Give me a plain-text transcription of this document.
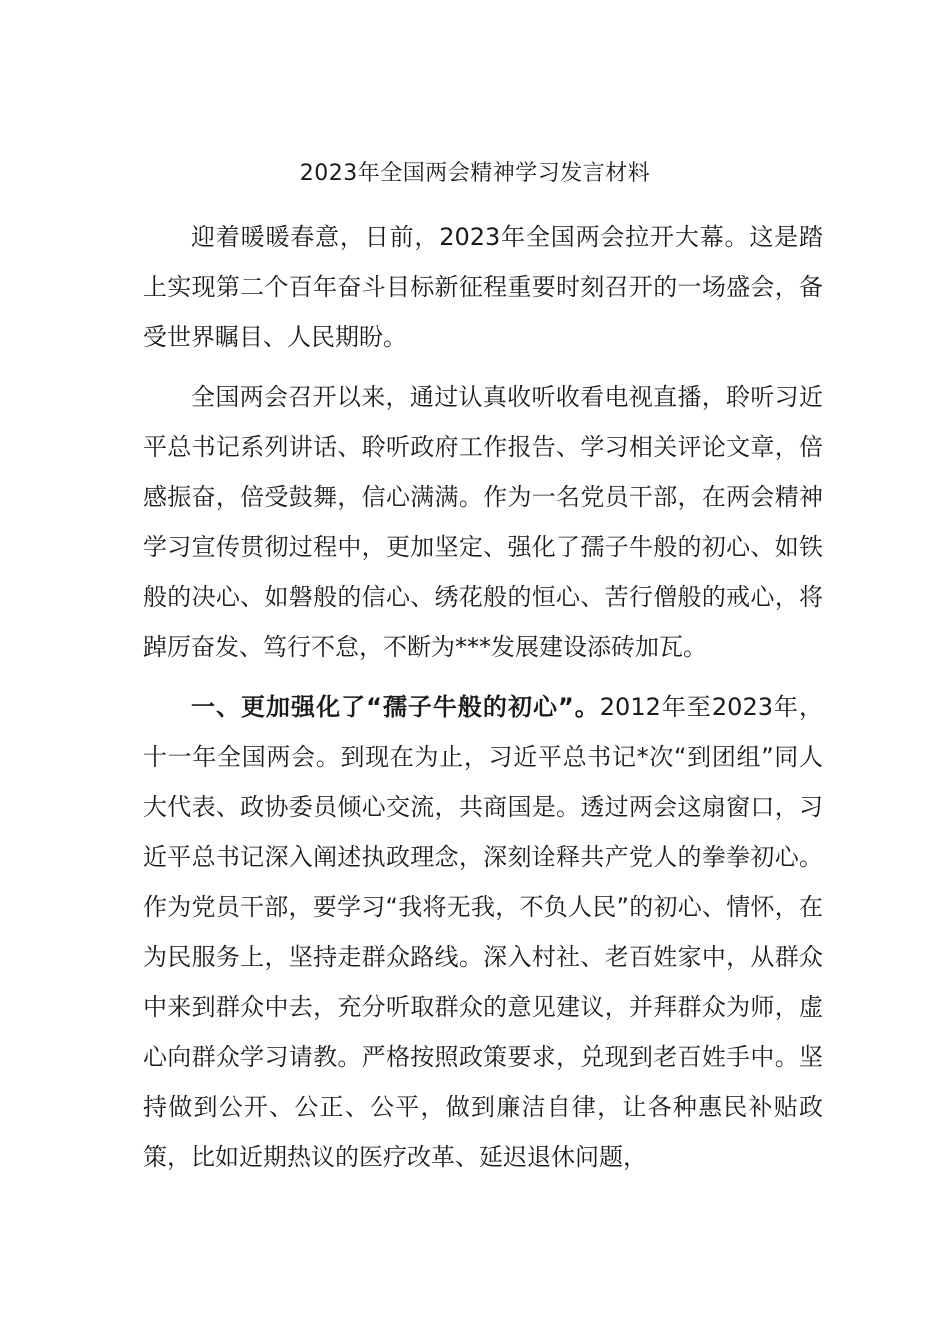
2023年全国两会精神学习发言材料

迎着暖暖春意，日前，2023年全国两会拉开大幕。这是踏上实现第二个百年奋斗目标新征程重要时刻召开的一场盛会，备受世界瞩目、人民期盼。

全国两会召开以来，通过认真收听收看电视直播，聆听习近平总书记系列讲话、聆听政府工作报告、学习相关评论文章，倍感振奋，倍受鼓舞，信心满满。作为一名党员干部，在两会精神学习宣传贯彻过程中，更加坚定、强化了孺子牛般的初心、如铁般的决心、如磐般的信心、绣花般的恒心、苦行僧般的戒心，将踔厉奋发、笃行不怠，不断为***发展建设添砖加瓦。

一、更加强化了“孺子牛般的初心”。2012年至2023年，十一年全国两会。到现在为止，习近平总书记*次“到团组”同人大代表、政协委员倾心交流，共商国是。透过两会这扇窗口，习近平总书记深入阐述执政理念，深刻诠释共产党人的拳拳初心。作为党员干部，要学习“我将无我，不负人民”的初心、情怀，在为民服务上，坚持走群众路线。深入村社、老百姓家中，从群众中来到群众中去，充分听取群众的意见建议，并拜群众为师，虚心向群众学习请教。严格按照政策要求，兑现到老百姓手中。坚持做到公开、公正、公平，做到廉洁自律，让各种惠民补贴政策，比如近期热议的医疗改革、延迟退休问题，
